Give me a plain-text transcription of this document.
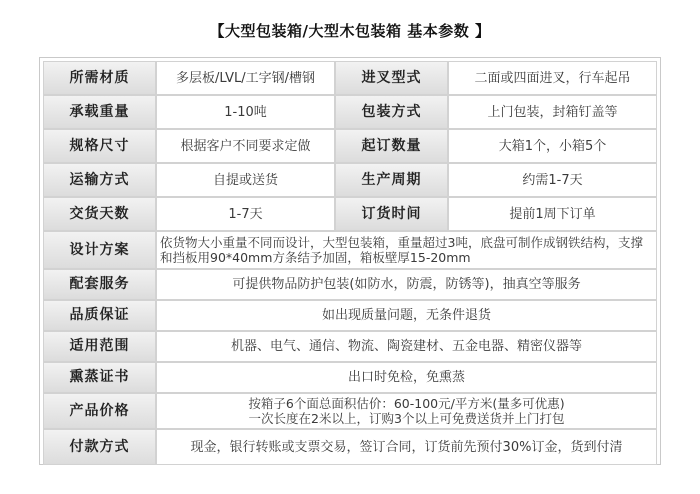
【大型包装箱/大型木包装箱 基本参数 】
所需材质	多层板/LVL/工字钢/槽钢	进叉型式	二面或四面进叉，行车起吊
承载重量	1-10吨	包装方式	上门包装，封箱钉盖等
规格尺寸	根据客户不同要求定做	起订数量	大箱1个，小箱5个
运输方式	自提或送货	生产周期	约需1-7天
交货天数	1-7天	订货时间	提前1周下订单
设计方案	依货物大小重量不同而设计，大型包装箱，重量超过3吨，底盘可制作成钢铁结构，支撑和挡板用90*40mm方条结予加固，箱板壁厚15-20mm		
配套服务	可提供物品防护包装(如防水，防震，防锈等)，抽真空等服务		
品质保证	如出现质量问题，无条件退货		
适用范围	机器、电气、通信、物流、陶瓷建材、五金电器、精密仪器等		
熏蒸证书	出口时免检，免熏蒸		
产品价格	按箱子6个面总面积估价：60-100元/平方米(量多可优惠)
一次长度在2米以上，订购3个以上可免费送货并上门打包		

付款方式	现金，银行转账或支票交易，签订合同，订货前先预付30%订金，货到付清		
